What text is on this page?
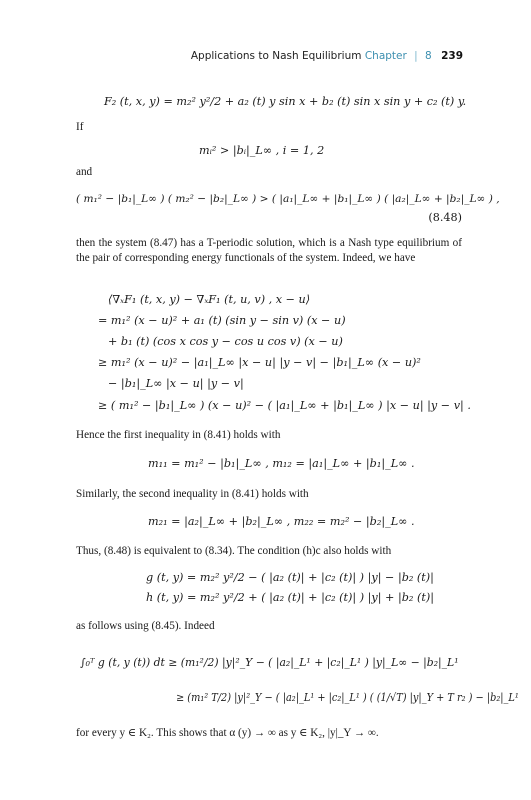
Applications to Nash Equilibrium Chapter | 8 239
F₂ (t, x, y) = m₂² y²/2 + a₂ (t) y sin x + b₂ (t) sin x sin y + c₂ (t) y.
If
mᵢ² > |bᵢ|_L∞ , i = 1, 2
and
( m₁² − |b₁|_L∞ ) ( m₂² − |b₂|_L∞ ) > ( |a₁|_L∞ + |b₁|_L∞ ) ( |a₂|_L∞ + |b₂|_L∞ ) ,
(8.48)
then the system (8.47) has a T-periodic solution, which is a Nash type equilibrium of the pair of corresponding energy functionals of the system. Indeed, we have
⟨∇ₓF₁ (t, x, y) − ∇ₓF₁ (t, u, v) , x − u⟩
= m₁² (x − u)² + a₁ (t) (sin y − sin v) (x − u)
+ b₁ (t) (cos x cos y − cos u cos v) (x − u)
≥ m₁² (x − u)² − |a₁|_L∞ |x − u| |y − v| − |b₁|_L∞ (x − u)²
− |b₁|_L∞ |x − u| |y − v|
≥ ( m₁² − |b₁|_L∞ ) (x − u)² − ( |a₁|_L∞ + |b₁|_L∞ ) |x − u| |y − v| .
Hence the first inequality in (8.41) holds with
m₁₁ = m₁² − |b₁|_L∞ , m₁₂ = |a₁|_L∞ + |b₁|_L∞ .
Similarly, the second inequality in (8.41) holds with
m₂₁ = |a₂|_L∞ + |b₂|_L∞ , m₂₂ = m₂² − |b₂|_L∞ .
Thus, (8.48) is equivalent to (8.34). The condition (h)c also holds with
g (t, y) = m₂² y²/2 − ( |a₂ (t)| + |c₂ (t)| ) |y| − |b₂ (t)|
h (t, y) = m₂² y²/2 + ( |a₂ (t)| + |c₂ (t)| ) |y| + |b₂ (t)|
as follows using (8.45). Indeed
∫₀ᵀ g (t, y (t)) dt ≥ (m₁²/2) |y|²_Y − ( |a₂|_L¹ + |c₂|_L¹ ) |y|_L∞ − |b₂|_L¹
≥ (m₁² T/2) |y|²_Y − ( |a₂|_L¹ + |c₂|_L¹ ) ( (1/√T) |y|_Y + T r₂ ) − |b₂|_L¹
for every y ∈ K₂. This shows that α (y) → ∞ as y ∈ K₂, |y|_Y → ∞.
